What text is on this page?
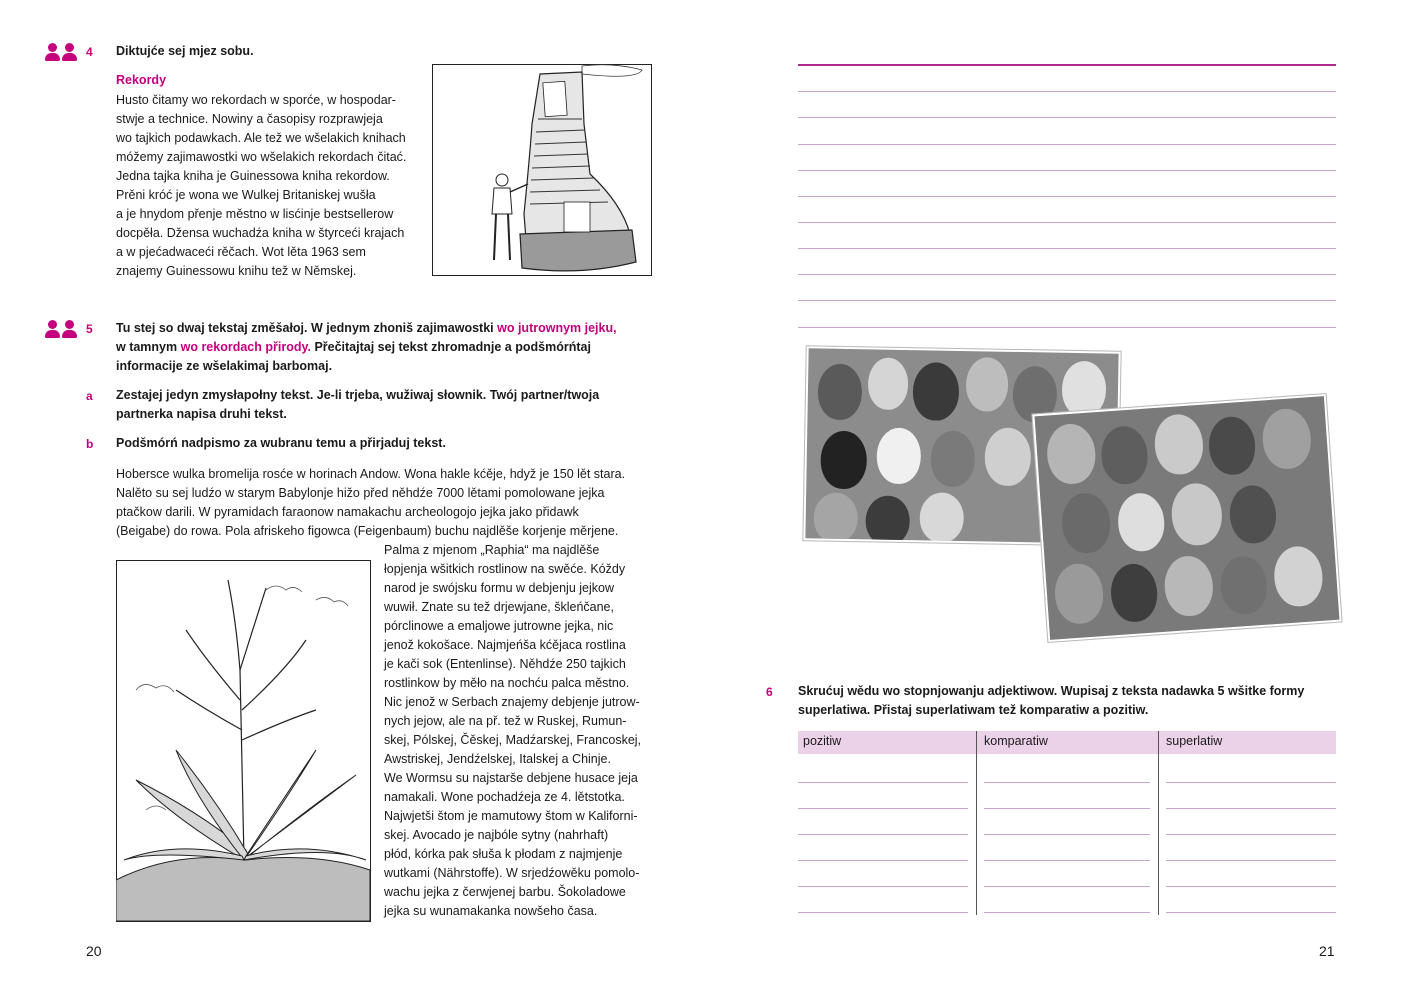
4 Diktujće sej mjez sobu.
Rekordy

Husto čitamy wo rekordach w sporće, w hospodar-
stwje a technice. Nowiny a časopisy rozprawjeja
wo tajkich podawkach. Ale tež we wšelakich knihach
móžemy zajimawostki wo wšelakich rekordach čitać.
Jedna tajka kniha je Guinessowa kniha rekordow.
Prěni króć je wona we Wulkej Britaniskej wušła
a je hnydom přenje městno w lisćinje bestsellerow
docpěła. Džensa wuchadźa kniha w štyrceći krajach
a w pjećadwaceći rěčach. Wot lěta 1963 sem
znajemy Guinessowu knihu tež w Němskej.

5 Tu stej so dwaj tekstaj změšałoj. W jednym zhoniš zajimawostki wo jutrownym jejku,
w tamnym wo rekordach přirody. Přečitajtaj sej tekst zhromadnje a podšmórńtaj informacije ze wšelakimaj barbomaj.
a Zestajej jedyn zmysłapołny tekst. Je-li trjeba, wužiwaj słownik. Twój partner/twoja partnerka napisa druhi tekst.
b Podšmórń nadpismo za wubranu temu a přirjaduj tekst.

Hobersce wulka bromelija rosće w horinach Andow. Wona hakle kćěje, hdyž je 150 lět stara.
Nalěto su sej ludźo w starym Babylonje hižo před něhdźe 7000 lětami pomolowane jejka
ptačkow darili. W pyramidach faraonow namakachu archeologojo jejka jako přidawk
(Beigabe) do rowa. Pola afriskeho figowca (Feigenbaum) buchu najdlěše korjenje měrjene.

Palma z mjenom „Raphia“ ma najdlěše
łopjenja wšitkich rostlinow na swěće. Kóždy
narod je swójsku formu w debjenju jejkow
wuwił. Znate su tež drjewjane, škleńčane,
pórclinowe a emaljowe jutrowne jejka, nic
jenož kokošace. Najmjeńša kćějaca rostlina
je kači sok (Entenlinse). Něhdźe 250 tajkich
rostlinkow by měło na nochću palca městno.
Nic jenož w Serbach znajemy debjenje jutrow-
nych jejow, ale na př. tež w Ruskej, Rumun-
skej, Pólskej, Čěskej, Madźarskej, Francoskej,
Awstriskej, Jendźelskej, Italskej a Chinje.
We Wormsu su najstarše debjene husace jeja
namakali. Wone pochadźeja ze 4. lětstotka.
Najwjetši štom je mamutowy štom w Kaliforni-
skej. Avocado je najbóle sytny (nahrhaft)
płód, kórka pak słuša k płodam z najmjenje
wutkami (Nährstoffe). W srjedźowěku pomolo-
wachu jejka z čerwjenej barbu. Šokoladowe
jejka su wunamakanka nowšeho časa.

20
6 Skrućuj wědu wo stopnjowanju adjektiwow. Wupisaj z teksta nadawka 5 wšitke formy superlatiwa. Přistaj superlatiwam tež komparatiw a pozitiw.
pozitiw	komparatiw	superlatiw
21
